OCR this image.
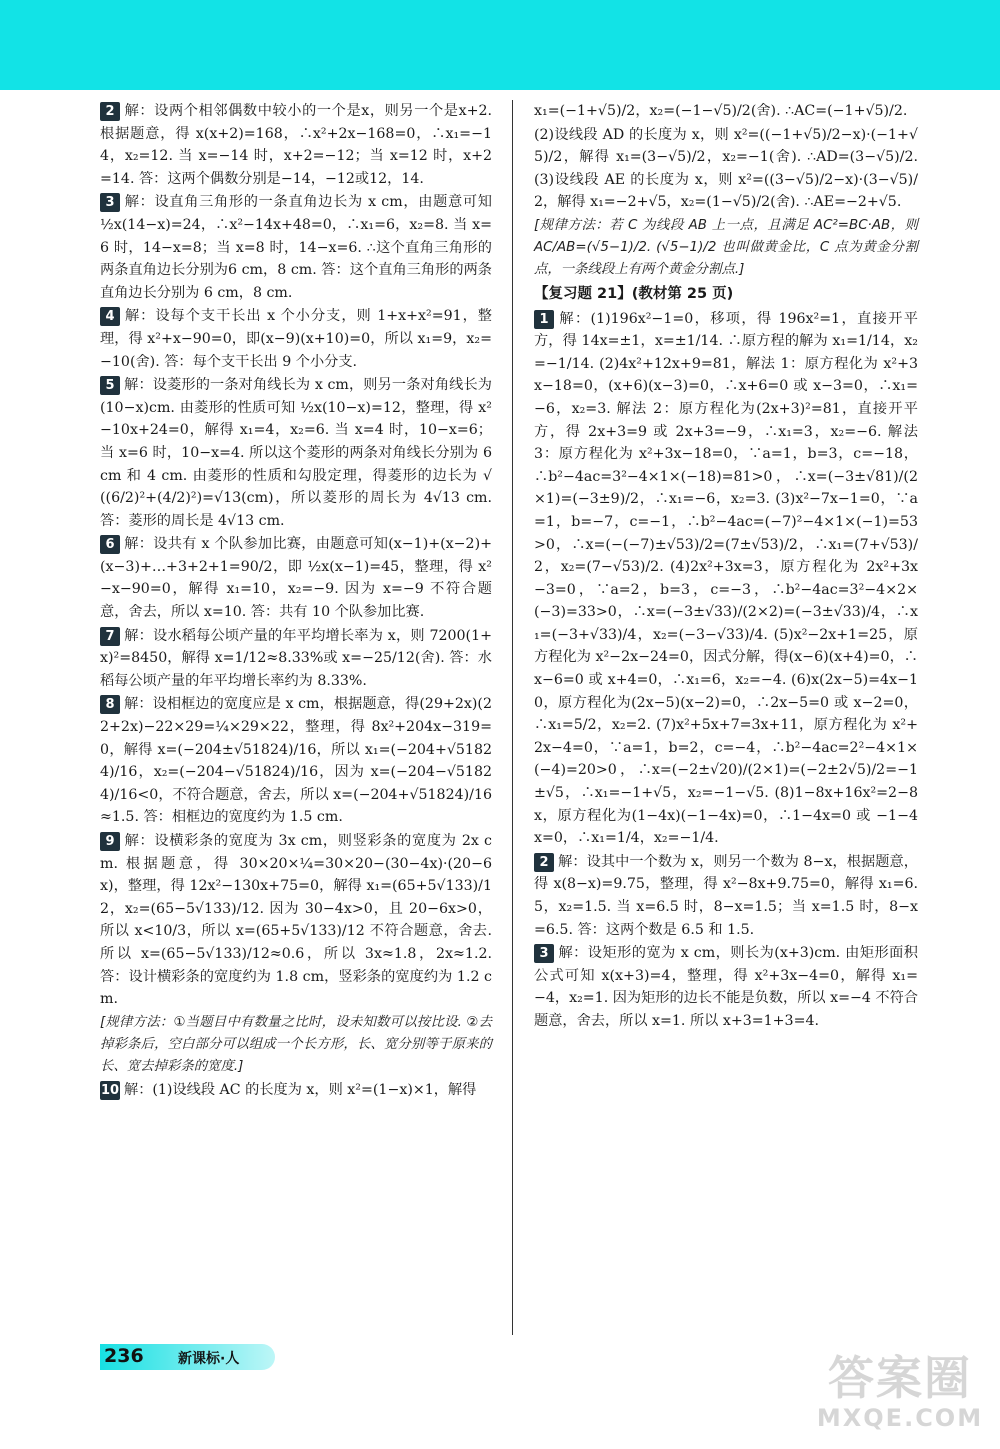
2 解：设两个相邻偶数中较小的一个是x，则另一个是x+2. 根据题意，得 x(x+2)=168，∴x²+2x−168=0，∴x₁=−14，x₂=12. 当 x=−14 时，x+2=−12；当 x=12 时，x+2=14. 答：这两个偶数分别是−14，−12或12，14.
3 解：设直角三角形的一条直角边长为 x cm，由题意可知 ½x(14−x)=24，∴x²−14x+48=0，∴x₁=6，x₂=8. 当 x=6 时，14−x=8；当 x=8 时，14−x=6. ∴这个直角三角形的两条直角边长分别为6 cm，8 cm. 答：这个直角三角形的两条直角边长分别为 6 cm，8 cm.
4 解：设每个支干长出 x 个小分支，则 1+x+x²=91，整理，得 x²+x−90=0，即(x−9)(x+10)=0，所以 x₁=9，x₂=−10(舍). 答：每个支干长出 9 个小分支.
5 解：设菱形的一条对角线长为 x cm，则另一条对角线长为(10−x)cm. 由菱形的性质可知 ½x(10−x)=12，整理，得 x²−10x+24=0，解得 x₁=4，x₂=6. 当 x=4 时，10−x=6；当 x=6 时，10−x=4. 所以这个菱形的两条对角线长分别为 6 cm 和 4 cm. 由菱形的性质和勾股定理，得菱形的边长为 √((6/2)²+(4/2)²)=√13(cm)，所以菱形的周长为 4√13 cm. 答：菱形的周长是 4√13 cm.
6 解：设共有 x 个队参加比赛，由题意可知(x−1)+(x−2)+(x−3)+…+3+2+1=90/2，即 ½x(x−1)=45，整理，得 x²−x−90=0，解得 x₁=10，x₂=−9. 因为 x=−9 不符合题意，舍去，所以 x=10. 答：共有 10 个队参加比赛.
7 解：设水稻每公顷产量的年平均增长率为 x，则 7200(1+x)²=8450，解得 x=1/12≈8.33%或 x=−25/12(舍). 答：水稻每公顷产量的年平均增长率约为 8.33%.
8 解：设相框边的宽度应是 x cm，根据题意，得(29+2x)(22+2x)−22×29=¼×29×22，整理，得 8x²+204x−319=0，解得 x=(−204±√51824)/16，所以 x₁=(−204+√51824)/16，x₂=(−204−√51824)/16，因为 x=(−204−√51824)/16<0，不符合题意，舍去，所以 x=(−204+√51824)/16≈1.5. 答：相框边的宽度约为 1.5 cm.
9 解：设横彩条的宽度为 3x cm，则竖彩条的宽度为 2x cm. 根据题意，得 30×20×¼=30×20−(30−4x)·(20−6x)，整理，得 12x²−130x+75=0，解得 x₁=(65+5√133)/12，x₂=(65−5√133)/12. 因为 30−4x>0，且 20−6x>0，所以 x<10/3，所以 x=(65+5√133)/12 不符合题意，舍去. 所以 x=(65−5√133)/12≈0.6，所以 3x≈1.8，2x≈1.2. 答：设计横彩条的宽度约为 1.8 cm，竖彩条的宽度约为 1.2 cm.
[规律方法：①当题目中有数量之比时，设未知数可以按比设. ②去掉彩条后，空白部分可以组成一个长方形，长、宽分别等于原来的长、宽去掉彩条的宽度.]
10 解：(1)设线段 AC 的长度为 x，则 x²=(1−x)×1，解得
x₁=(−1+√5)/2，x₂=(−1−√5)/2(舍). ∴AC=(−1+√5)/2.
(2)设线段 AD 的长度为 x，则 x²=((−1+√5)/2−x)·(−1+√5)/2，解得 x₁=(3−√5)/2，x₂=−1(舍). ∴AD=(3−√5)/2. (3)设线段 AE 的长度为 x，则 x²=((3−√5)/2−x)·(3−√5)/2，解得 x₁=−2+√5，x₂=(1−√5)/2(舍). ∴AE=−2+√5.
[规律方法：若 C 为线段 AB 上一点，且满足 AC²=BC·AB，则 AC/AB=(√5−1)/2. (√5−1)/2 也叫做黄金比，C 点为黄金分割点，一条线段上有两个黄金分割点.]
【复习题 21】(教材第 25 页)
1 解：(1)196x²−1=0，移项，得 196x²=1，直接开平方，得 14x=±1，x=±1/14. ∴原方程的解为 x₁=1/14，x₂=−1/14. (2)4x²+12x+9=81，解法 1：原方程化为 x²+3x−18=0，(x+6)(x−3)=0，∴x+6=0 或 x−3=0，∴x₁=−6，x₂=3. 解法 2：原方程化为(2x+3)²=81，直接开平方，得 2x+3=9 或 2x+3=−9，∴x₁=3，x₂=−6. 解法 3：原方程化为 x²+3x−18=0，∵a=1，b=3，c=−18，∴b²−4ac=3²−4×1×(−18)=81>0，∴x=(−3±√81)/(2×1)=(−3±9)/2，∴x₁=−6，x₂=3. (3)x²−7x−1=0，∵a=1，b=−7，c=−1，∴b²−4ac=(−7)²−4×1×(−1)=53>0，∴x=(−(−7)±√53)/2=(7±√53)/2，∴x₁=(7+√53)/2，x₂=(7−√53)/2. (4)2x²+3x=3，原方程化为 2x²+3x−3=0，∵a=2，b=3，c=−3，∴b²−4ac=3²−4×2×(−3)=33>0，∴x=(−3±√33)/(2×2)=(−3±√33)/4，∴x₁=(−3+√33)/4，x₂=(−3−√33)/4. (5)x²−2x+1=25，原方程化为 x²−2x−24=0，因式分解，得(x−6)(x+4)=0，∴x−6=0 或 x+4=0，∴x₁=6，x₂=−4. (6)x(2x−5)=4x−10，原方程化为(2x−5)(x−2)=0，∴2x−5=0 或 x−2=0，∴x₁=5/2，x₂=2. (7)x²+5x+7=3x+11，原方程化为 x²+2x−4=0，∵a=1，b=2，c=−4，∴b²−4ac=2²−4×1×(−4)=20>0，∴x=(−2±√20)/(2×1)=(−2±2√5)/2=−1±√5，∴x₁=−1+√5，x₂=−1−√5. (8)1−8x+16x²=2−8x，原方程化为(1−4x)(−1−4x)=0，∴1−4x=0 或 −1−4x=0，∴x₁=1/4，x₂=−1/4.
2 解：设其中一个数为 x，则另一个数为 8−x，根据题意，得 x(8−x)=9.75，整理，得 x²−8x+9.75=0，解得 x₁=6.5，x₂=1.5. 当 x=6.5 时，8−x=1.5；当 x=1.5 时，8−x=6.5. 答：这两个数是 6.5 和 1.5.
3 解：设矩形的宽为 x cm，则长为(x+3)cm. 由矩形面积公式可知 x(x+3)=4，整理，得 x²+3x−4=0，解得 x₁=−4，x₂=1. 因为矩形的边长不能是负数，所以 x=−4 不符合题意，舍去，所以 x=1. 所以 x+3=1+3=4.
236 新课标·人	答案圈
MXQE.COM
